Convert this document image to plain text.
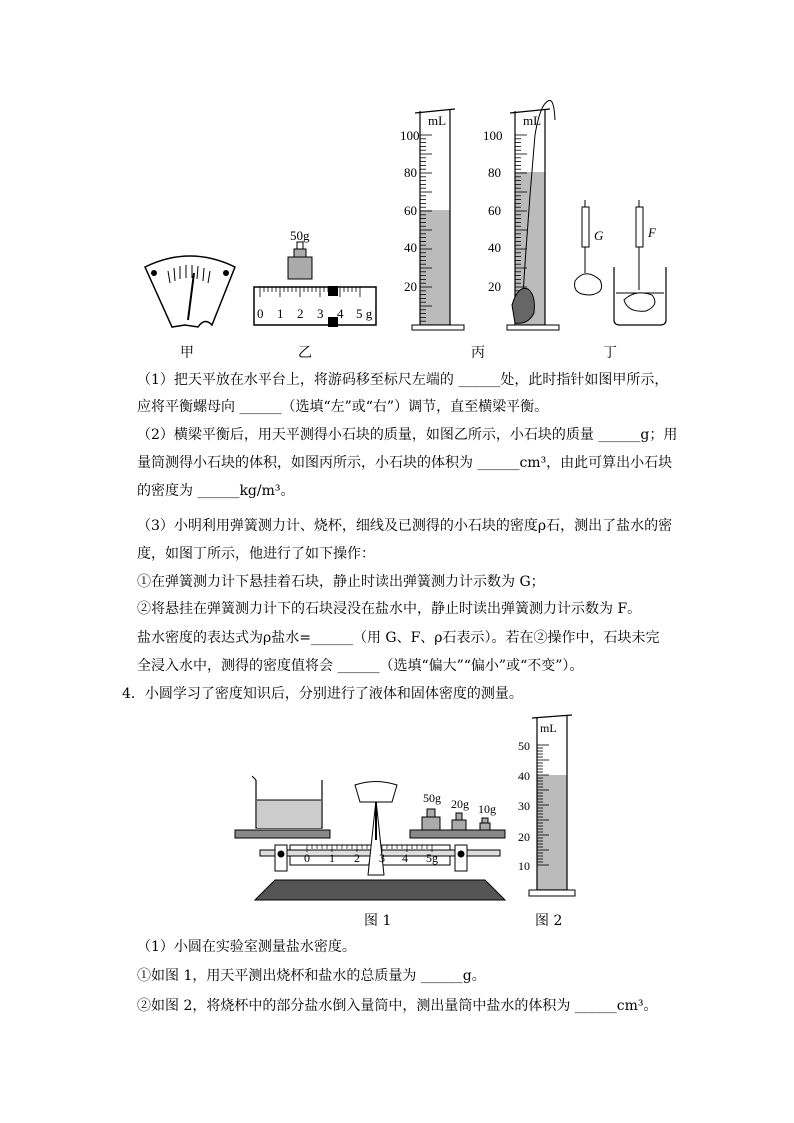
50g
0 1 2 3 4 5 g
mL
100
80
60
40
20
mL
100
80
60
40
20
G	F
甲	乙	丙	丁
（1）把天平放在水平台上，将游码移至标尺左端的 ______处，此时指针如图甲所示，
应将平衡螺母向 ______（选填“左”或“右”）调节，直至横梁平衡。
（2）横梁平衡后，用天平测得小石块的质量，如图乙所示，小石块的质量 ______g；用
量筒测得小石块的体积，如图丙所示，小石块的体积为 ______cm³，由此可算出小石块
的密度为 ______kg/m³。
（3）小明利用弹簧测力计、烧杯，细线及已测得的小石块的密度ρ石，测出了盐水的密
度，如图丁所示，他进行了如下操作：
①在弹簧测力计下悬挂着石块，静止时读出弹簧测力计示数为 G；
②将悬挂在弹簧测力计下的石块浸没在盐水中，静止时读出弹簧测力计示数为 F。
盐水密度的表达式为ρ盐水=______（用 G、F、ρ石表示）。若在②操作中，石块未完
全浸入水中，测得的密度值将会 ______（选填“偏大”“偏小”或“不变”）。
4．小圆学习了密度知识后，分别进行了液体和固体密度的测量。
50g 20g 10g
0 1 2 3 4 5g
mL
50
40
30
20
10
图 1	图 2
（1）小圆在实验室测量盐水密度。
①如图 1，用天平测出烧杯和盐水的总质量为 ______g。
②如图 2，将烧杯中的部分盐水倒入量筒中，测出量筒中盐水的体积为 ______cm³。
